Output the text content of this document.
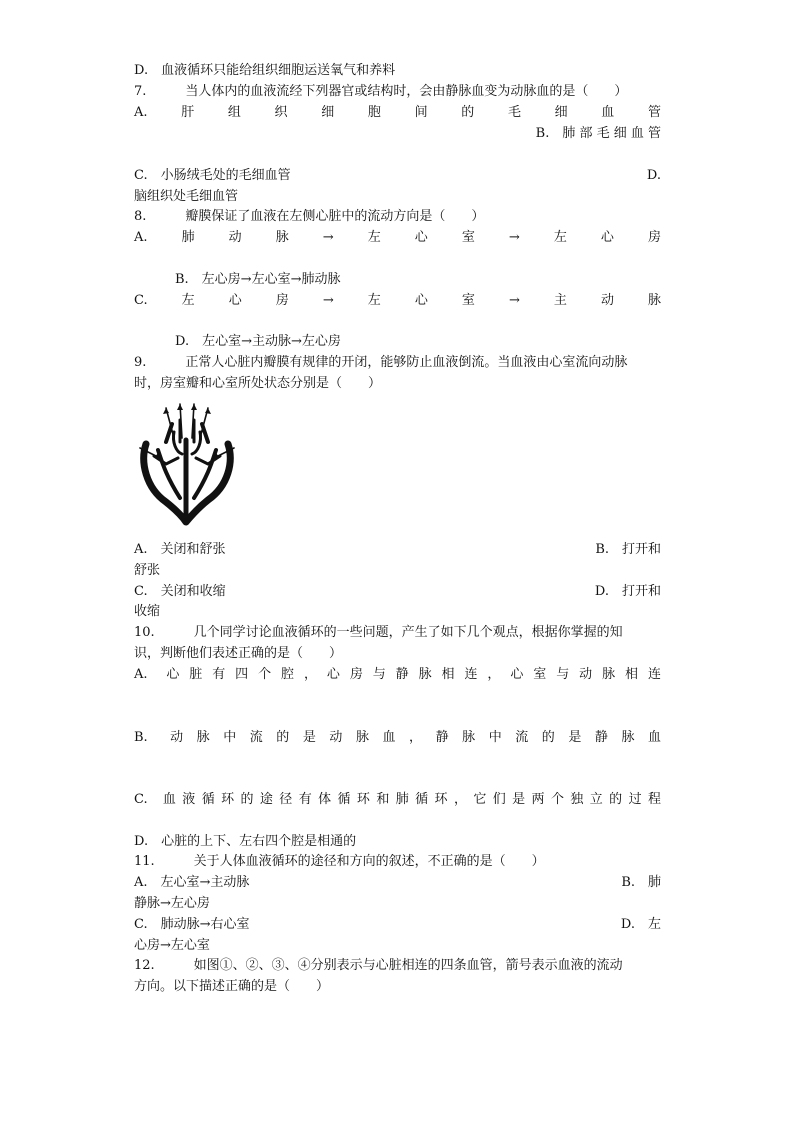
D.　血液循环只能给组织细胞运送氧气和养料
7.　　　当人体内的血液流经下列器官或结构时，会由静脉血变为动脉血的是（　　）
A.　肝　组　织　细　胞　间　的　毛　细　血　管
B.　肺 部 毛 细 血 管
C.　小肠绒毛处的毛细血管	D.
脑组织处毛细血管
8.　　　瓣膜保证了血液在左侧心脏中的流动方向是（　　）
A.　肺　动　脉　→　左　心　室　→　左　心　房
B.　左心房→左心室→肺动脉
C.　左　心　房　→　左　心　室　→　主　动　脉
D.　左心室→主动脉→左心房
9.　　　正常人心脏内瓣膜有规律的开闭，能够防止血液倒流。当血液由心室流向动脉
时，房室瓣和心室所处状态分别是（　　）
A.　关闭和舒张	B.　打开和
舒张
C.　关闭和收缩	D.　打开和
收缩
10.　　　几个同学讨论血液循环的一些问题，产生了如下几个观点，根据你掌握的知
识，判断他们表述正确的是（　　）
A.　心 脏 有 四 个 腔 ， 心 房 与 静 脉 相 连 ， 心 室 与 动 脉 相 连
B.　动 脉 中 流 的 是 动 脉 血 ， 静 脉 中 流 的 是 静 脉 血
C.　血 液 循 环 的 途 径 有 体 循 环 和 肺 循 环 ， 它 们 是 两 个 独 立 的 过 程
D.　心脏的上下、左右四个腔是相通的
11.　　　关于人体血液循环的途径和方向的叙述，不正确的是（　　）
A.　左心室→主动脉	B.　肺
静脉→左心房
C.　肺动脉→右心室	D.　左
心房→左心室
12.　　　如图①、②、③、④分别表示与心脏相连的四条血管，箭号表示血液的流动
方向。以下描述正确的是（　　）
